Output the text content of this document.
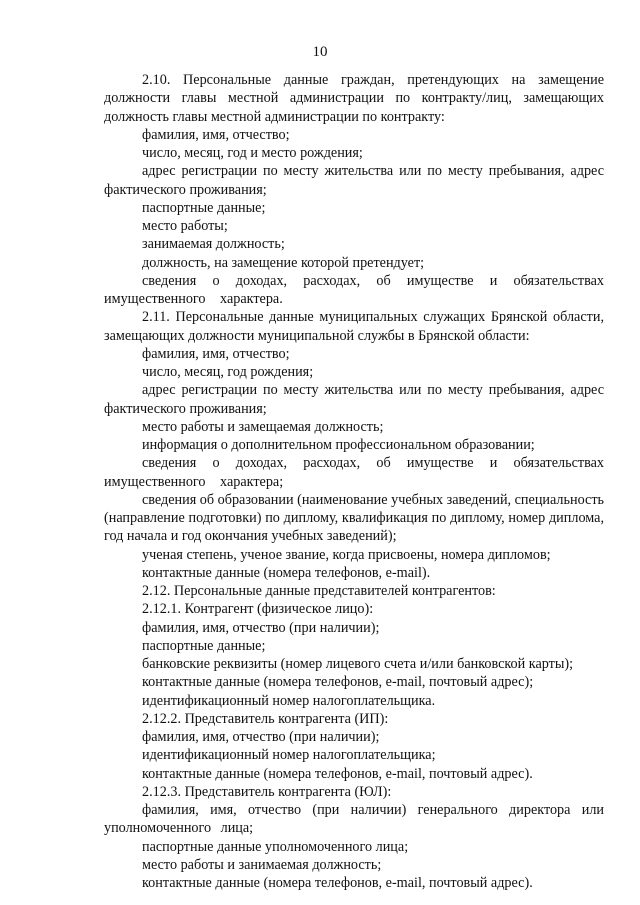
10

2.10. Персональные данные граждан, претендующих на замещение должности главы местной администрации по контракту/лиц, замещающих должность главы местной администрации по контракту:

фамилия, имя, отчество;

число, месяц, год и место рождения;

адрес регистрации по месту жительства или по месту пребывания, адрес фактического проживания;

паспортные данные;

место работы;

занимаемая должность;

должность, на замещение которой претендует;

сведения о доходах, расходах, об имуществе и обязательствах имущественного характера.

2.11. Персональные данные муниципальных служащих Брянской области, замещающих должности муниципальной службы в Брянской области:

фамилия, имя, отчество;

число, месяц, год рождения;

адрес регистрации по месту жительства или по месту пребывания, адрес фактического проживания;

место работы и замещаемая должность;

информация о дополнительном профессиональном образовании;

сведения о доходах, расходах, об имуществе и обязательствах имущественного характера;

сведения об образовании (наименование учебных заведений, специальность (направление подготовки) по диплому, квалификация по диплому, номер диплома, год начала и год окончания учебных заведений);

ученая степень, ученое звание, когда присвоены, номера дипломов;

контактные данные (номера телефонов, e-mail).

2.12. Персональные данные представителей контрагентов:

2.12.1. Контрагент (физическое лицо):

фамилия, имя, отчество (при наличии);

паспортные данные;

банковские реквизиты (номер лицевого счета и/или банковской карты);

контактные данные (номера телефонов, e-mail, почтовый адрес);

идентификационный номер налогоплательщика.

2.12.2. Представитель контрагента (ИП):

фамилия, имя, отчество (при наличии);

идентификационный номер налогоплательщика;

контактные данные (номера телефонов, e-mail, почтовый адрес).

2.12.3. Представитель контрагента (ЮЛ):

фамилия, имя, отчество (при наличии) генерального директора или уполномоченного лица;

паспортные данные уполномоченного лица;

место работы и занимаемая должность;

контактные данные (номера телефонов, e-mail, почтовый адрес).
